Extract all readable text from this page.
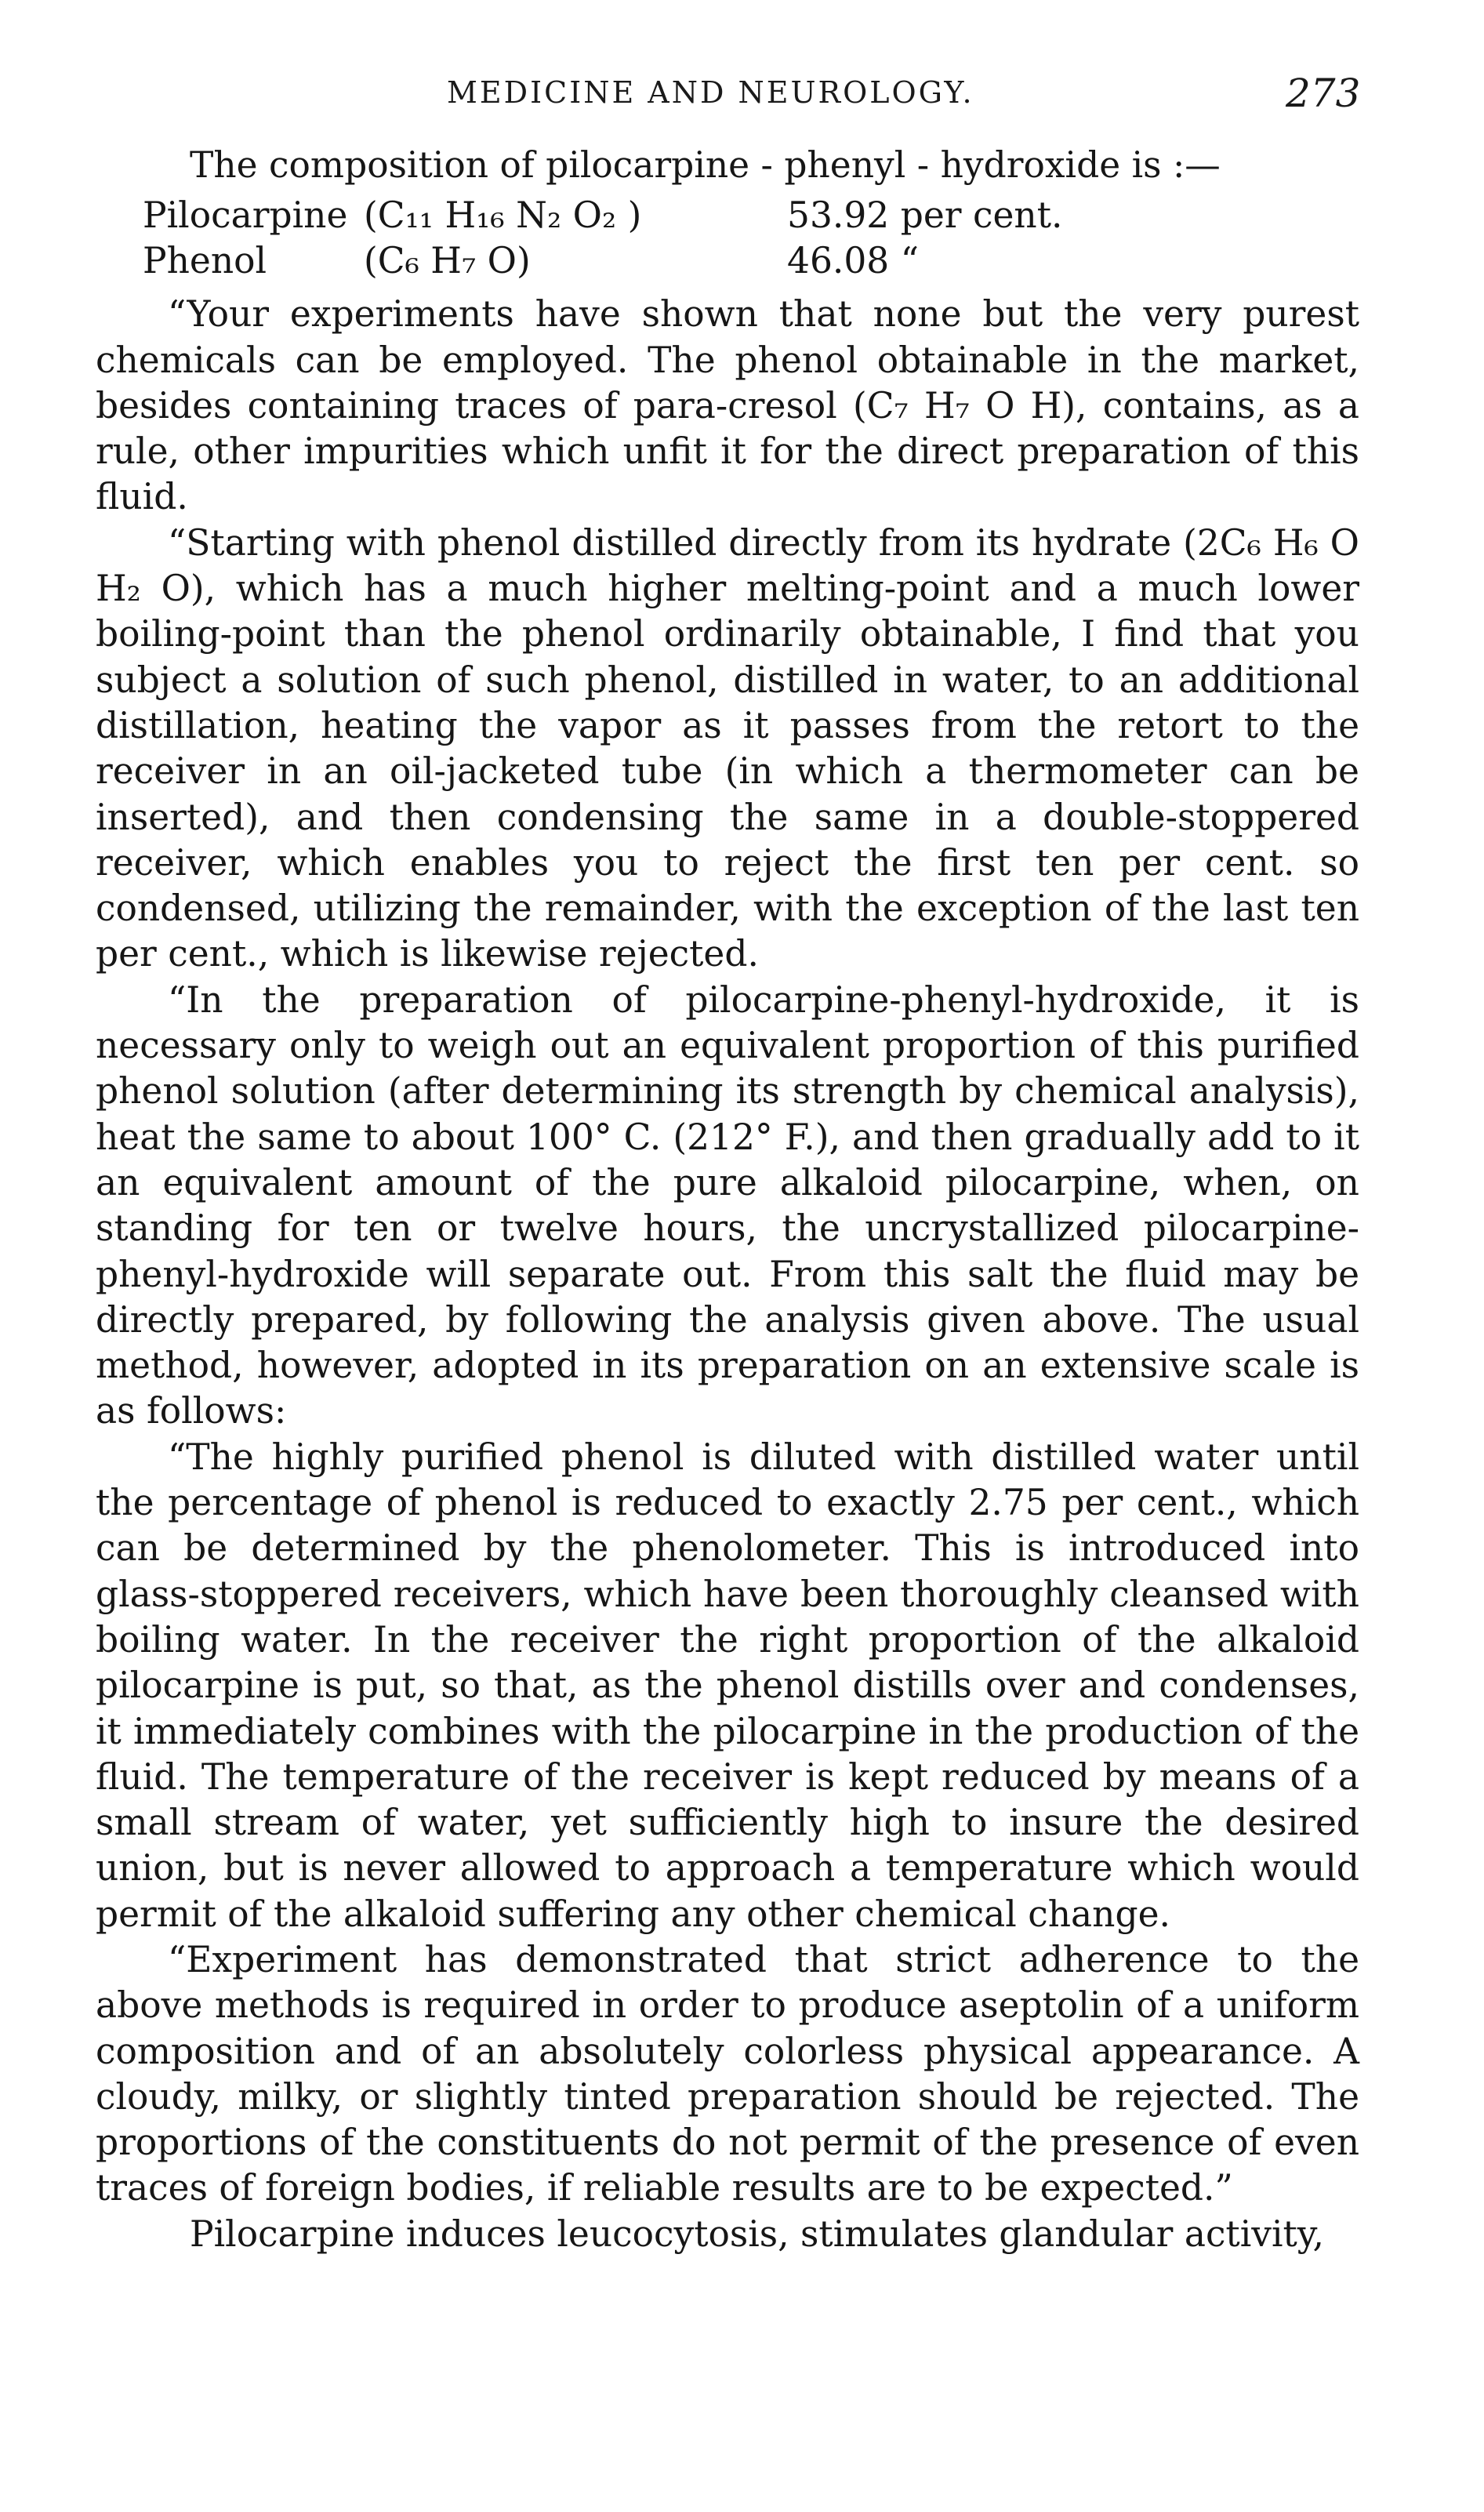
MEDICINE AND NEUROLOGY.	273

The composition of pilocarpine - phenyl - hydroxide is :—

Pilocarpine	(C₁₁ H₁₆ N₂ O₂ )	53.92 per cent.
Phenol	(C₆ H₇ O)	46.08 “

“Your experiments have shown that none but the very purest chemicals can be employed. The phenol obtainable in the market, besides containing traces of para-cresol (C₇ H₇ O H), contains, as a rule, other impurities which unfit it for the direct preparation of this fluid.

“Starting with phenol distilled directly from its hydrate (2C₆ H₆ O H₂ O), which has a much higher melting-point and a much lower boiling-point than the phenol ordinarily obtainable, I find that you subject a solution of such phenol, distilled in water, to an additional distillation, heating the vapor as it passes from the retort to the receiver in an oil-jacketed tube (in which a thermometer can be inserted), and then condensing the same in a double-stoppered receiver, which enables you to reject the first ten per cent. so condensed, utilizing the remainder, with the exception of the last ten per cent., which is likewise rejected.

“In the preparation of pilocarpine-phenyl-hydroxide, it is necessary only to weigh out an equivalent proportion of this purified phenol solution (after determining its strength by chemical analysis), heat the same to about 100° C. (212° F.), and then gradually add to it an equivalent amount of the pure alkaloid pilocarpine, when, on standing for ten or twelve hours, the uncrystallized pilocarpine-phenyl-hydroxide will separate out. From this salt the fluid may be directly prepared, by following the analysis given above. The usual method, however, adopted in its preparation on an extensive scale is as follows:

“The highly purified phenol is diluted with distilled water until the percentage of phenol is reduced to exactly 2.75 per cent., which can be determined by the phenolometer. This is introduced into glass-stoppered receivers, which have been thoroughly cleansed with boiling water. In the receiver the right proportion of the alkaloid pilocarpine is put, so that, as the phenol distills over and condenses, it immediately combines with the pilocarpine in the production of the fluid. The temperature of the receiver is kept reduced by means of a small stream of water, yet sufficiently high to insure the desired union, but is never allowed to approach a temperature which would permit of the alkaloid suffering any other chemical change.

“Experiment has demonstrated that strict adherence to the above methods is required in order to produce aseptolin of a uniform composition and of an absolutely colorless physical appearance. A cloudy, milky, or slightly tinted preparation should be rejected. The proportions of the constituents do not permit of the presence of even traces of foreign bodies, if reliable results are to be expected.”

Pilocarpine induces leucocytosis, stimulates glandular activity,
